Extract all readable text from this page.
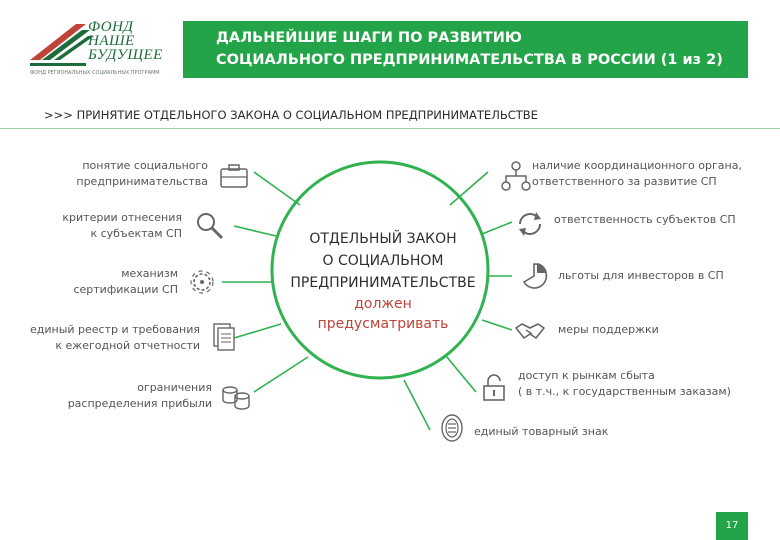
ФОНД
НАШЕ
БУДУЩЕЕ
ФОНД РЕГИОНАЛЬНЫХ СОЦИАЛЬНЫХ ПРОГРАММ
ДАЛЬНЕЙШИЕ ШАГИ ПО РАЗВИТИЮ
СОЦИАЛЬНОГО ПРЕДПРИНИМАТЕЛЬСТВА В РОССИИ (1 из 2)
>>> ПРИНЯТИЕ ОТДЕЛЬНОГО ЗАКОНА О СОЦИАЛЬНОМ ПРЕДПРИНИМАТЕЛЬСТВЕ
ОТДЕЛЬНЫЙ ЗАКОН
О СОЦИАЛЬНОМ
ПРЕДПРИНИМАТЕЛЬСТВЕ
должен
предусматривать
понятие социального
предпринимательства
критерии отнесения
к субъектам СП
механизм
сертификации СП
единый реестр и требования
к ежегодной отчетности
ограничения
распределения прибыли
наличие координационного органа,
ответственного за развитие СП
ответственность субъектов СП
льготы для инвесторов в СП
меры поддержки
доступ к рынкам сбыта
( в т.ч., к государственным заказам)
единый товарный знак
17
